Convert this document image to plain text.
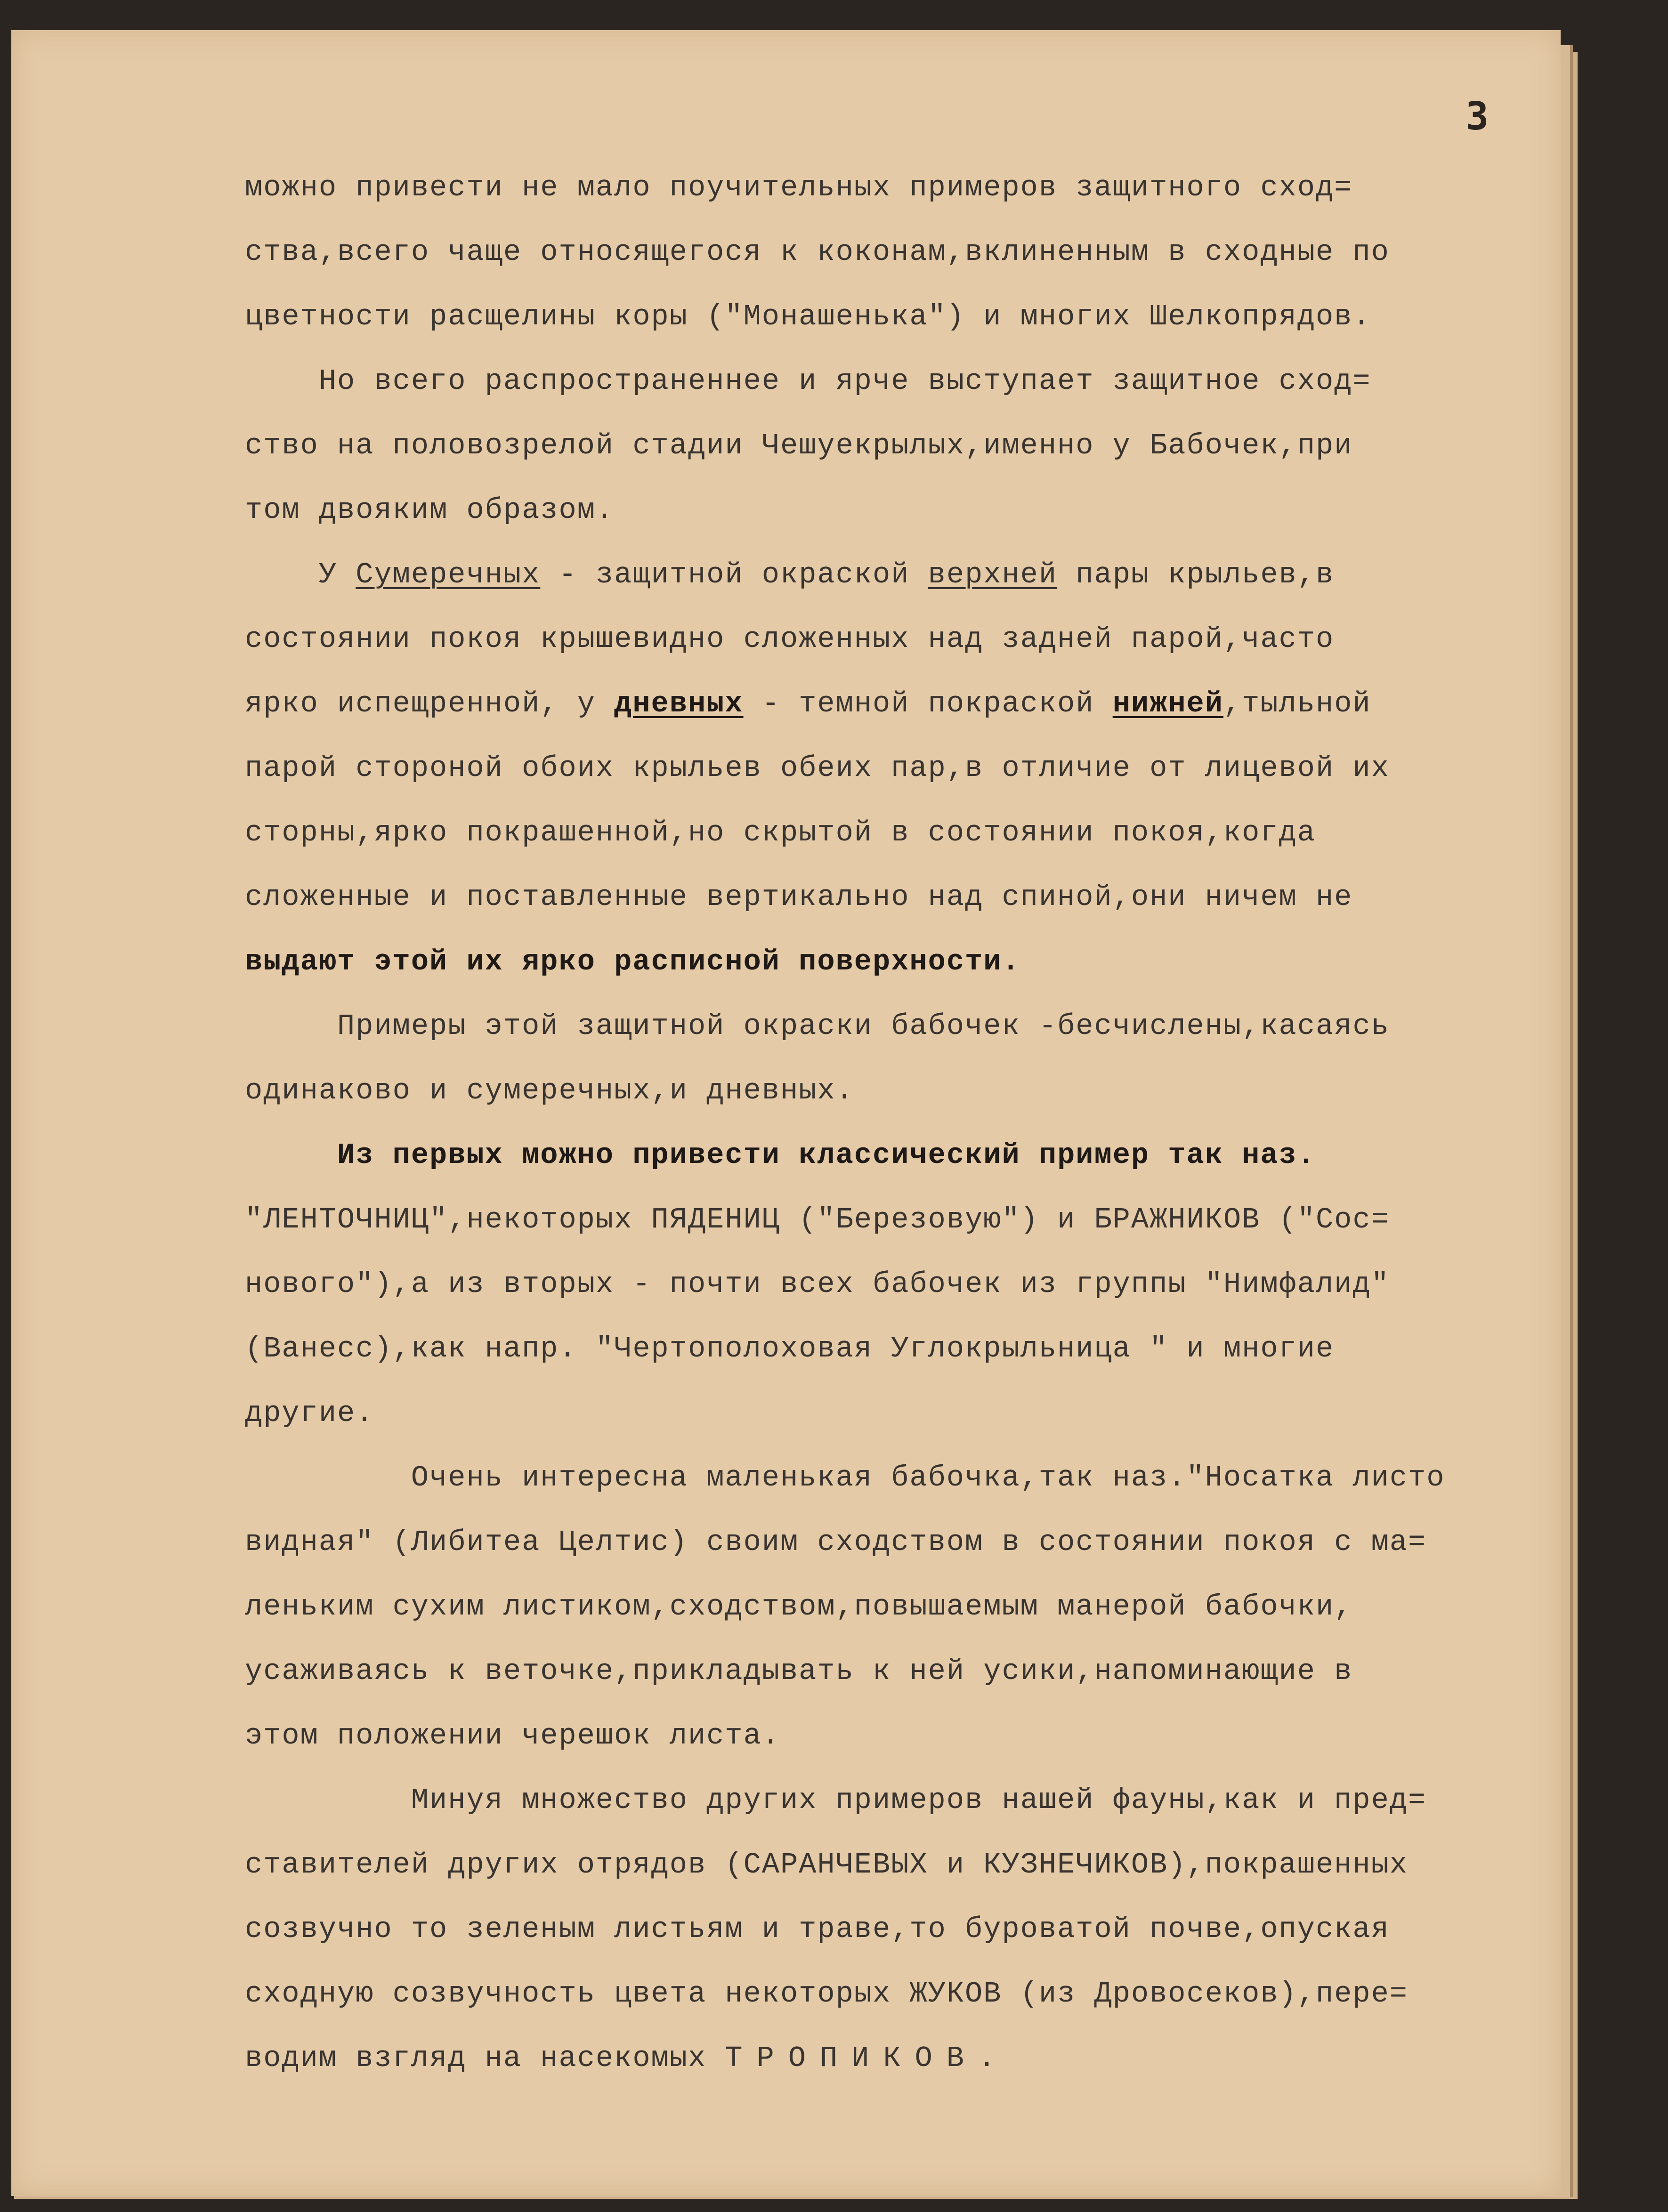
3
можно привести не мало поучительных примеров защитного сход=
ства,всего чаще относящегося к коконам,вклиненным в сходные по
цветности расщелины коры ("Монашенька") и многих Шелкопрядов.
Но всего распространеннее и ярче выступает защитное сход=
ство на половозрелой стадии Чешуекрылых,именно у Бабочек,при
том двояким образом.
У Сумеречных - защитной окраской верхней пары крыльев,в
состоянии покоя крышевидно сложенных над задней парой,часто
ярко испещренной, у дневных - темной покраской нижней,тыльной
парой стороной обоих крыльев обеих пар,в отличие от лицевой их
сторны,ярко покрашенной,но скрытой в состоянии покоя,когда
сложенные и поставленные вертикально над спиной,они ничем не
выдают этой их ярко расписной поверхности.
Примеры этой защитной окраски бабочек -бесчислены,касаясь
одинаково и сумеречных,и дневных.
Из первых можно привести классический пример так наз.
"ЛЕНТОЧНИЦ",некоторых ПЯДЕНИЦ ("Березовую") и БРАЖНИКОВ ("Сос=
нового"),а из вторых - почти всех бабочек из группы "Нимфалид"
(Ванесс),как напр. "Чертополоховая Углокрыльница " и многие
другие.
Очень интересна маленькая бабочка,так наз."Носатка листо
видная" (Либитеа Целтис) своим сходством в состоянии покоя с ма=
леньким сухим листиком,сходством,повышаемым манерой бабочки,
усаживаясь к веточке,прикладывать к ней усики,напоминающие в
этом положении черешок листа.
Минуя множество других примеров нашей фауны,как и пред=
ставителей других отрядов (САРАНЧЕВЫХ и КУЗНЕЧИКОВ),покрашенных
созвучно то зеленым листьям и траве,то буроватой почве,опуская
сходную созвучность цвета некоторых ЖУКОВ (из Дровосеков),пере=
водим взгляд на насекомых ТРОПИКОВ.
